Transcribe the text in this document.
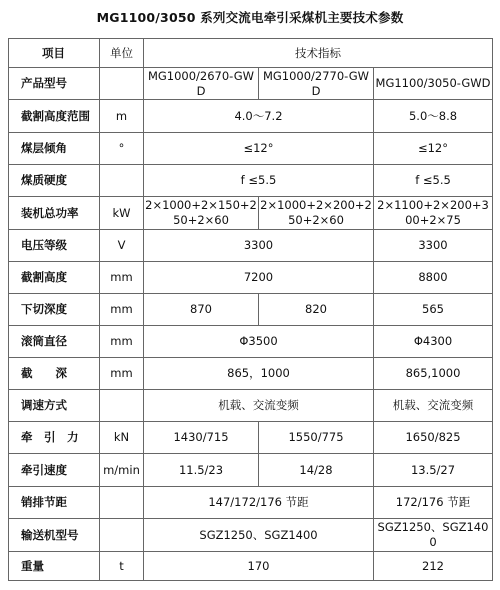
MG1100/3050 系列交流电牵引采煤机主要技术参数
项目	单位	技术指标		
产品型号		MG1000/2670-GWD	MG1000/2770-GWD	MG1100/3050-GWD
截割高度范围	m	4.0～7.2		5.0～8.8
煤层倾角	°	≤12°		≤12°
煤质硬度		f ≤5.5		f ≤5.5
装机总功率	kW	2×1000+2×150+250+2×60	2×1000+2×200+250+2×60	2×1100+2×200+300+2×75
电压等级	V	3300		3300
截割高度	mm	7200		8800
下切深度	mm	870	820	565
滚筒直径	mm	Φ3500		Φ4300
截　　深	mm	865，1000		865,1000
调速方式		机载、交流变频		机载、交流变频
牵　引　力	kN	1430/715	1550/775	1650/825
牵引速度	m/min	11.5/23	14/28	13.5/27
销排节距		147/172/176 节距		172/176 节距
输送机型号		SGZ1250、SGZ1400		SGZ1250、SGZ1400
重量	t	170		212
